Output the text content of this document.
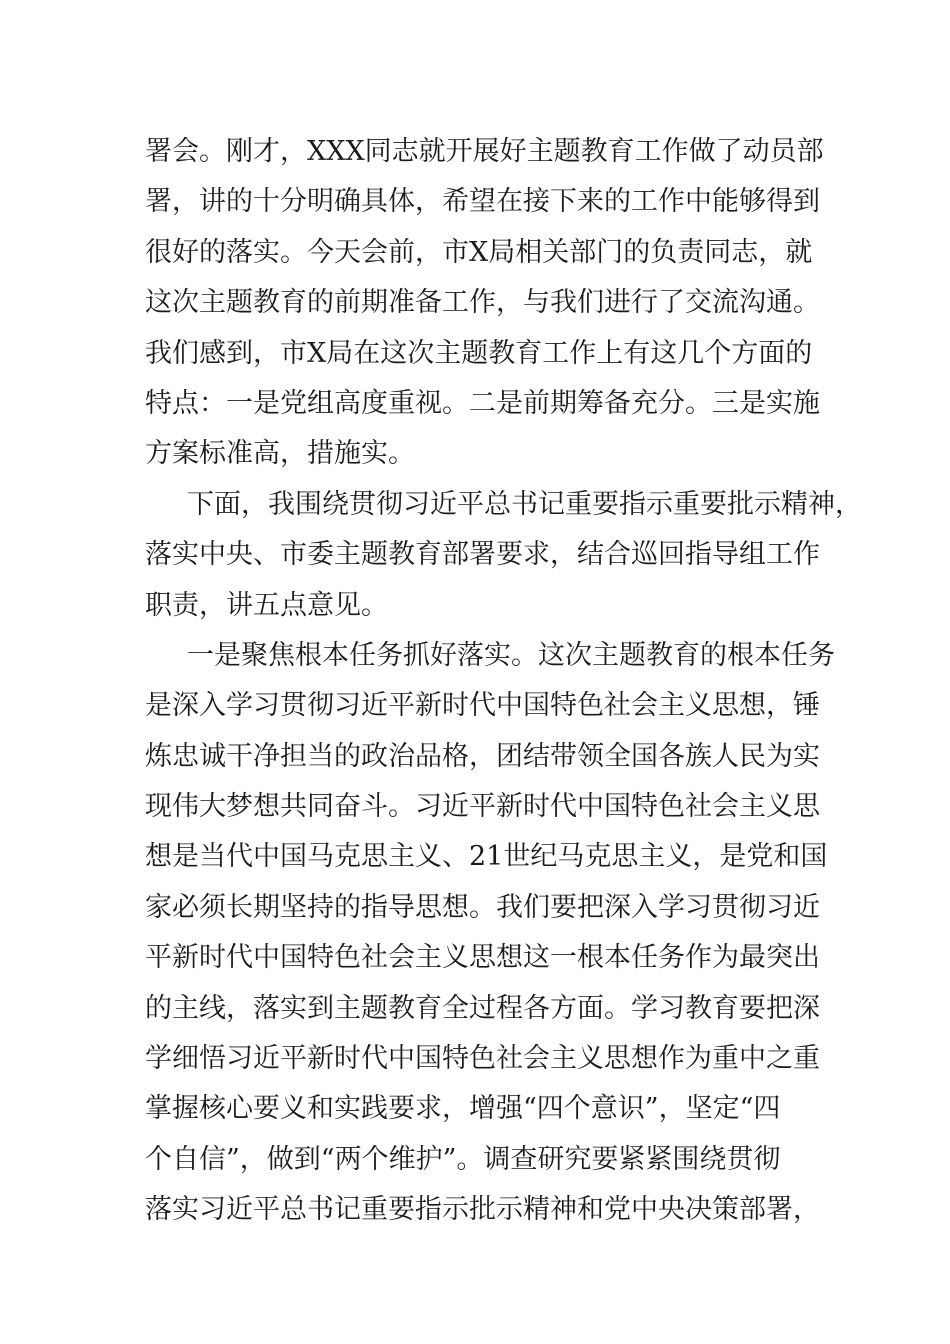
署会。刚才，XXX同志就开展好主题教育工作做了动员部
署，讲的十分明确具体，希望在接下来的工作中能够得到
很好的落实。今天会前，市X局相关部门的负责同志，就
这次主题教育的前期准备工作，与我们进行了交流沟通。
我们感到，市X局在这次主题教育工作上有这几个方面的
特点：一是党组高度重视。二是前期筹备充分。三是实施
方案标准高，措施实。
下面，我围绕贯彻习近平总书记重要指示重要批示精神，
落实中央、市委主题教育部署要求，结合巡回指导组工作
职责，讲五点意见。
一是聚焦根本任务抓好落实。这次主题教育的根本任务
是深入学习贯彻习近平新时代中国特色社会主义思想，锤
炼忠诚干净担当的政治品格，团结带领全国各族人民为实
现伟大梦想共同奋斗。习近平新时代中国特色社会主义思
想是当代中国马克思主义、21世纪马克思主义，是党和国
家必须长期坚持的指导思想。我们要把深入学习贯彻习近
平新时代中国特色社会主义思想这一根本任务作为最突出
的主线，落实到主题教育全过程各方面。学习教育要把深
学细悟习近平新时代中国特色社会主义思想作为重中之重
掌握核心要义和实践要求，增强“四个意识”，坚定“四
个自信”，做到“两个维护”。调查研究要紧紧围绕贯彻
落实习近平总书记重要指示批示精神和党中央决策部署，
